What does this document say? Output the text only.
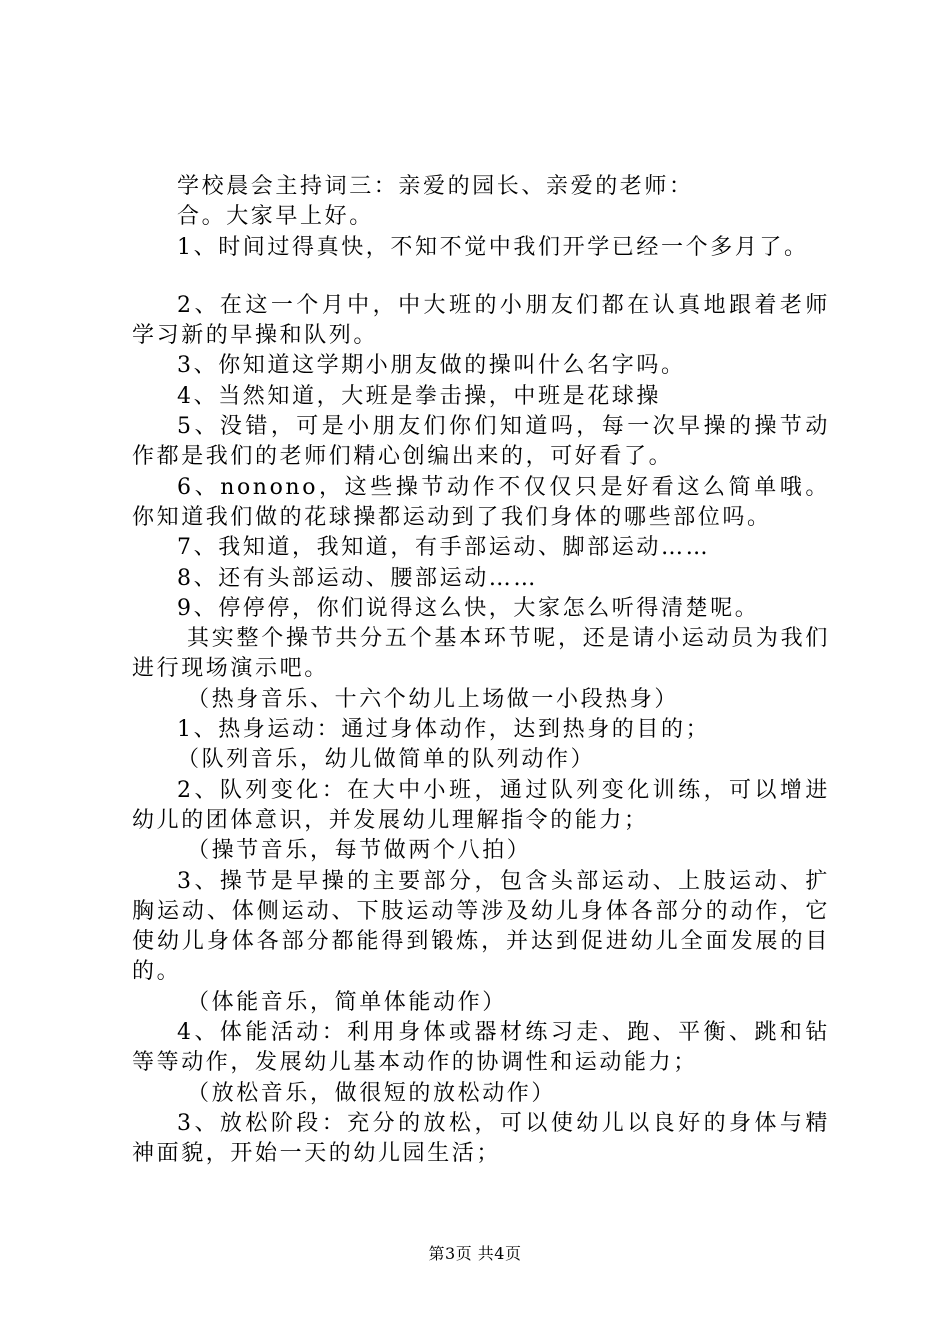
学校晨会主持词三：亲爱的园长、亲爱的老师：

合。大家早上好。

1、时间过得真快，不知不觉中我们开学已经一个多月了。

2、在这一个月中，中大班的小朋友们都在认真地跟着老师学习新的早操和队列。

3、你知道这学期小朋友做的操叫什么名字吗。

4、当然知道，大班是拳击操，中班是花球操

5、没错，可是小朋友们你们知道吗，每一次早操的操节动作都是我们的老师们精心创编出来的，可好看了。

6、nonono，这些操节动作不仅仅只是好看这么简单哦。你知道我们做的花球操都运动到了我们身体的哪些部位吗。

7、我知道，我知道，有手部运动、脚部运动……

8、还有头部运动、腰部运动……

9、停停停，你们说得这么快，大家怎么听得清楚呢。

其实整个操节共分五个基本环节呢，还是请小运动员为我们进行现场演示吧。

（热身音乐、十六个幼儿上场做一小段热身）

1、热身运动：通过身体动作，达到热身的目的；

（队列音乐，幼儿做简单的队列动作）

2、队列变化：在大中小班，通过队列变化训练，可以增进幼儿的团体意识，并发展幼儿理解指令的能力；

（操节音乐，每节做两个八拍）

3、操节是早操的主要部分，包含头部运动、上肢运动、扩胸运动、体侧运动、下肢运动等涉及幼儿身体各部分的动作，它使幼儿身体各部分都能得到锻炼，并达到促进幼儿全面发展的目的。

（体能音乐，简单体能动作）

4、体能活动：利用身体或器材练习走、跑、平衡、跳和钻等等动作，发展幼儿基本动作的协调性和运动能力；

（放松音乐，做很短的放松动作）

3、放松阶段：充分的放松，可以使幼儿以良好的身体与精神面貌，开始一天的幼儿园生活；

第3页 共4页
